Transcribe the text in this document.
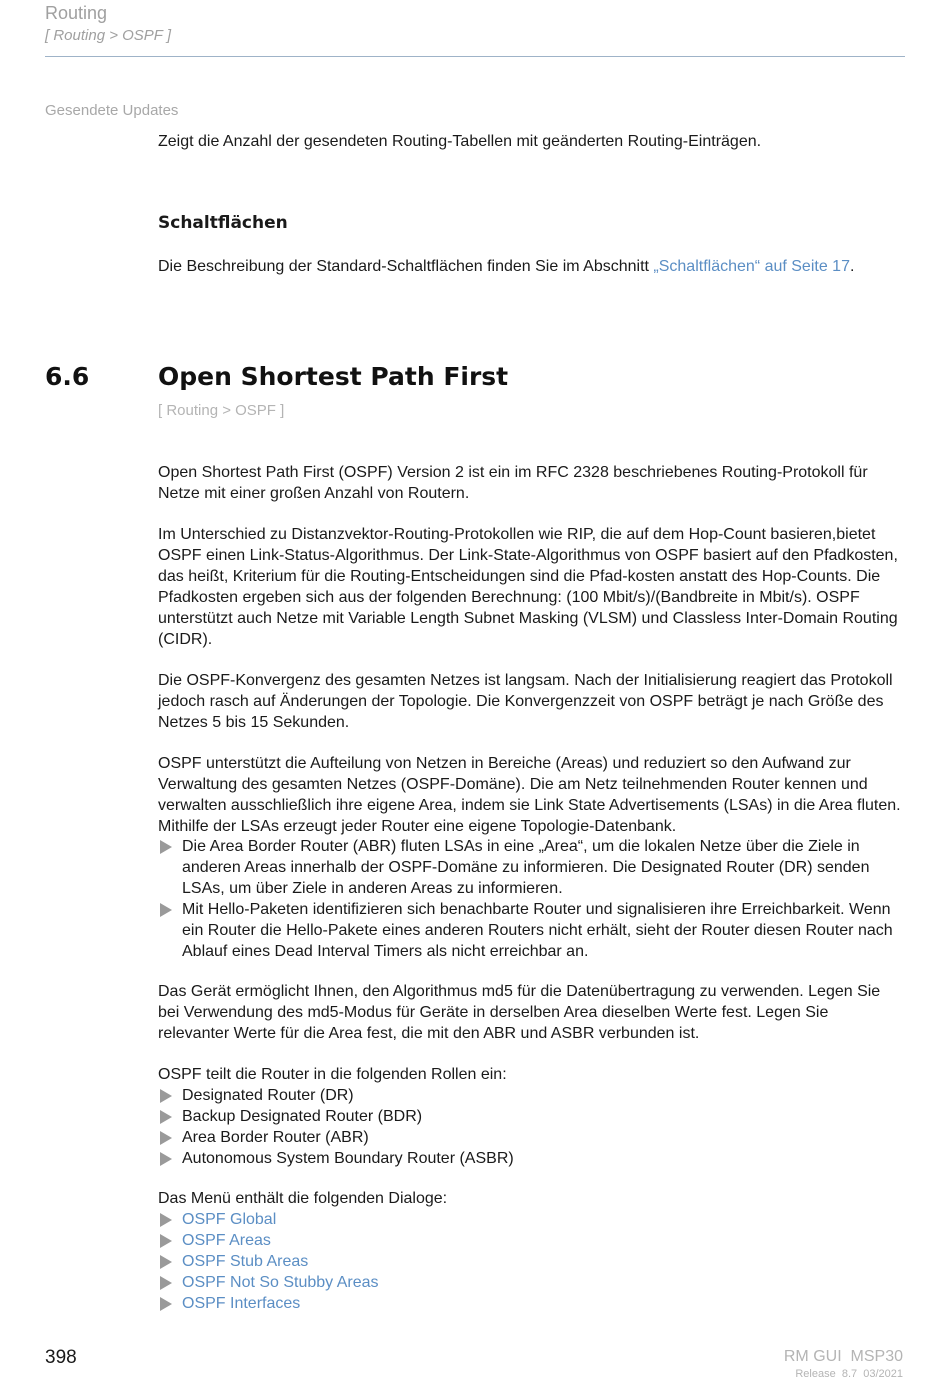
Routing
[ Routing > OSPF ]
Gesendete Updates

Zeigt die Anzahl der gesendeten Routing-Tabellen mit geänderten Routing-Einträgen.

Schaltflächen

Die Beschreibung der Standard-Schaltflächen finden Sie im Abschnitt „Schaltflächen“ auf Seite 17.

6.6	Open Shortest Path First
[ Routing > OSPF ]

Open Shortest Path First (OSPF) Version 2 ist ein im RFC 2328 beschriebenes Routing-Protokoll für Netze mit einer großen Anzahl von Routern.

Im Unterschied zu Distanzvektor-Routing-Protokollen wie RIP, die auf dem Hop-Count basieren,bietet OSPF einen Link-Status-Algorithmus. Der Link-State-Algorithmus von OSPF basiert auf den Pfadkosten, das heißt, Kriterium für die Routing-Entscheidungen sind die Pfad-kosten anstatt des Hop-Counts. Die Pfadkosten ergeben sich aus der folgenden Berechnung: (100 Mbit/s)/(Bandbreite in Mbit/s). OSPF unterstützt auch Netze mit Variable Length Subnet Masking (VLSM) und Classless Inter-Domain Routing (CIDR).

Die OSPF-Konvergenz des gesamten Netzes ist langsam. Nach der Initialisierung reagiert das Protokoll jedoch rasch auf Änderungen der Topologie. Die Konvergenzzeit von OSPF beträgt je nach Größe des Netzes 5 bis 15 Sekunden.

OSPF unterstützt die Aufteilung von Netzen in Bereiche (Areas) und reduziert so den Aufwand zur Verwaltung des gesamten Netzes (OSPF-Domäne). Die am Netz teilnehmenden Router kennen und verwalten ausschließlich ihre eigene Area, indem sie Link State Advertisements (LSAs) in die Area fluten. Mithilfe der LSAs erzeugt jeder Router eine eigene Topologie-Datenbank.

Die Area Border Router (ABR) fluten LSAs in eine „Area“, um die lokalen Netze über die Ziele in anderen Areas innerhalb der OSPF-Domäne zu informieren. Die Designated Router (DR) senden LSAs, um über Ziele in anderen Areas zu informieren.
Mit Hello-Paketen identifizieren sich benachbarte Router und signalisieren ihre Erreichbarkeit. Wenn ein Router die Hello-Pakete eines anderen Routers nicht erhält, sieht der Router diesen Router nach Ablauf eines Dead Interval Timers als nicht erreichbar an.

Das Gerät ermöglicht Ihnen, den Algorithmus md5 für die Datenübertragung zu verwenden. Legen Sie bei Verwendung des md5-Modus für Geräte in derselben Area dieselben Werte fest. Legen Sie relevanter Werte für die Area fest, die mit den ABR und ASBR verbunden ist.

OSPF teilt die Router in die folgenden Rollen ein:

Designated Router (DR)
Backup Designated Router (BDR)
Area Border Router (ABR)
Autonomous System Boundary Router (ASBR)

Das Menü enthält die folgenden Dialoge:

OSPF Global
OSPF Areas
OSPF Stub Areas
OSPF Not So Stubby Areas
OSPF Interfaces
398	RM GUI  MSP30
Release  8.7  03/2021
